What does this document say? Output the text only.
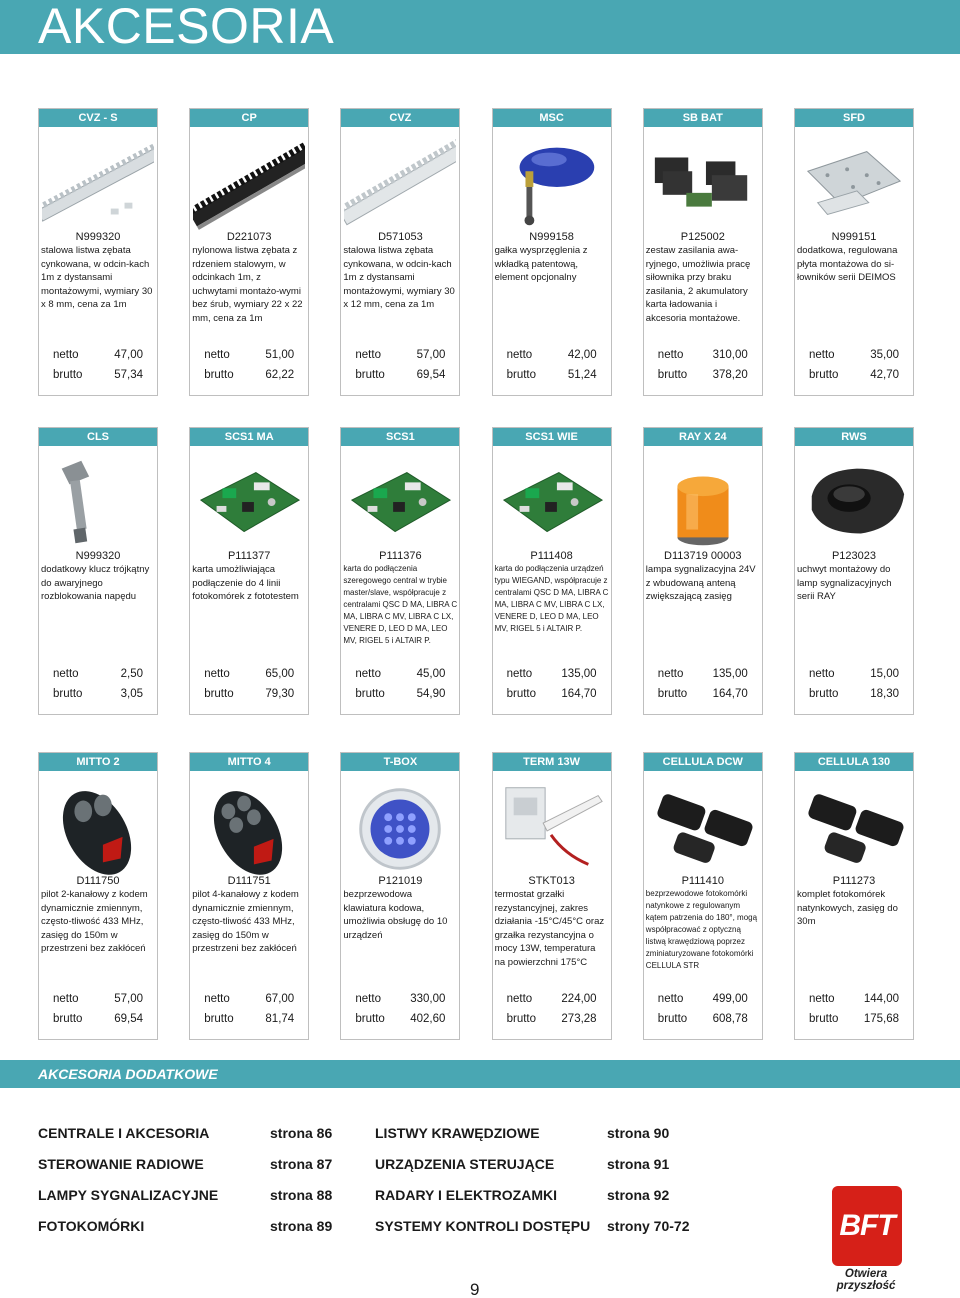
AKCESORIA
CVZ - S
N999320
stalowa listwa zębata cynkowana, w odcin-kach 1m z dystansami montażowymi, wymiary 30 x 8 mm, cena za 1m
netto	47,00
brutto	57,34
CP
D221073
nylonowa listwa zębata z rdzeniem stalowym, w odcinkach 1m, z uchwytami montażo-wymi bez śrub, wymiary 22 x 22 mm, cena za 1m
netto	51,00
brutto	62,22
CVZ
D571053
stalowa listwa zębata cynkowana, w odcin-kach 1m z dystansami montażowymi, wymiary 30 x 12 mm, cena za 1m
netto	57,00
brutto	69,54
MSC
N999158
gałka wysprzęglenia z wkładką patentową, element opcjonalny
netto	42,00
brutto	51,24
SB BAT
P125002
zestaw zasilania awa-ryjnego, umożliwia pracę siłownika przy braku zasilania, 2 akumulatory karta ładowania i akcesoria montażowe.
netto	310,00
brutto 378,20
SFD
N999151
dodatkowa, regulowana płyta montażowa do si-łowników serii DEIMOS
netto	35,00
brutto	42,70
CLS
N999320
dodatkowy klucz trójkątny do awaryjnego rozblokowania napędu
netto	2,50
brutto	3,05
SCS1 MA
P111377
karta umożliwiająca podłączenie do 4 linii fotokomórek z fototestem
netto	65,00
brutto	79,30
SCS1
P111376
karta do podłączenia szeregowego central w trybie master/slave, współpracuje z centralami QSC D MA, LIBRA C MA, LIBRA C MV, LIBRA C LX, VENERE D, LEO D MA, LEO MV, RIGEL 5 i ALTAIR P.
netto	45,00
brutto	54,90
SCS1 WIE
P111408
karta do podłączenia urządzeń typu WIEGAND, współpracuje z centralami QSC D MA, LIBRA C MA, LIBRA C MV, LIBRA C LX, VENERE D, LEO D MA, LEO MV, RIGEL 5 i ALTAIR P.
netto	135,00
brutto 164,70
RAY X 24
D113719 00003
lampa sygnalizacyjna 24V z wbudowaną anteną zwiększającą zasięg
netto	135,00
brutto 164,70
RWS
P123023
uchwyt montażowy do lamp sygnalizacyjnych serii RAY
netto	15,00
brutto	18,30
MITTO 2
D111750
pilot 2-kanałowy z kodem dynamicznie zmiennym, często-tliwość 433 MHz, zasięg do 150m w przestrzeni bez zakłóceń
netto	57,00
brutto	69,54
MITTO 4
D111751
pilot 4-kanałowy z kodem dynamicznie zmiennym, często-tliwość 433 MHz, zasięg do 150m w przestrzeni bez zakłóceń
netto	67,00
brutto	81,74
T-BOX
P121019
bezprzewodowa klawiatura kodowa, umożliwia obsługę do 10 urządzeń
netto	330,00
brutto 402,60
TERM 13W
STKT013
termostat grzałki rezystancyjnej, zakres działania -15°C/45°C oraz grzałka rezystancyjna o mocy 13W, temperatura na powierzchni 175°C
netto	224,00
brutto 273,28
CELLULA DCW
P111410
bezprzewodowe fotokomórki natynkowe z regulowanym kątem patrzenia do 180°, mogą współpracować z optyczną listwą krawędziową poprzez zminiaturyzowane fotokomórki CELLULA STR
netto	499,00
brutto 608,78
CELLULA 130
P111273
komplet fotokomórek natynkowych, zasięg do 30m
netto	144,00
brutto 175,68
AKCESORIA DODATKOWE
CENTRALE I AKCESORIA	strona 86
STEROWANIE RADIOWE	strona 87
LAMPY SYGNALIZACYJNE	strona 88
FOTOKOMÓRKI	strona 89
LISTWY KRAWĘDZIOWE	strona 90
URZĄDZENIA STERUJĄCE	strona 91
RADARY I ELEKTROZAMKI	strona 92
SYSTEMY KONTROLI DOSTĘPU strony 70-72
9
BFT
Otwiera przyszłość
